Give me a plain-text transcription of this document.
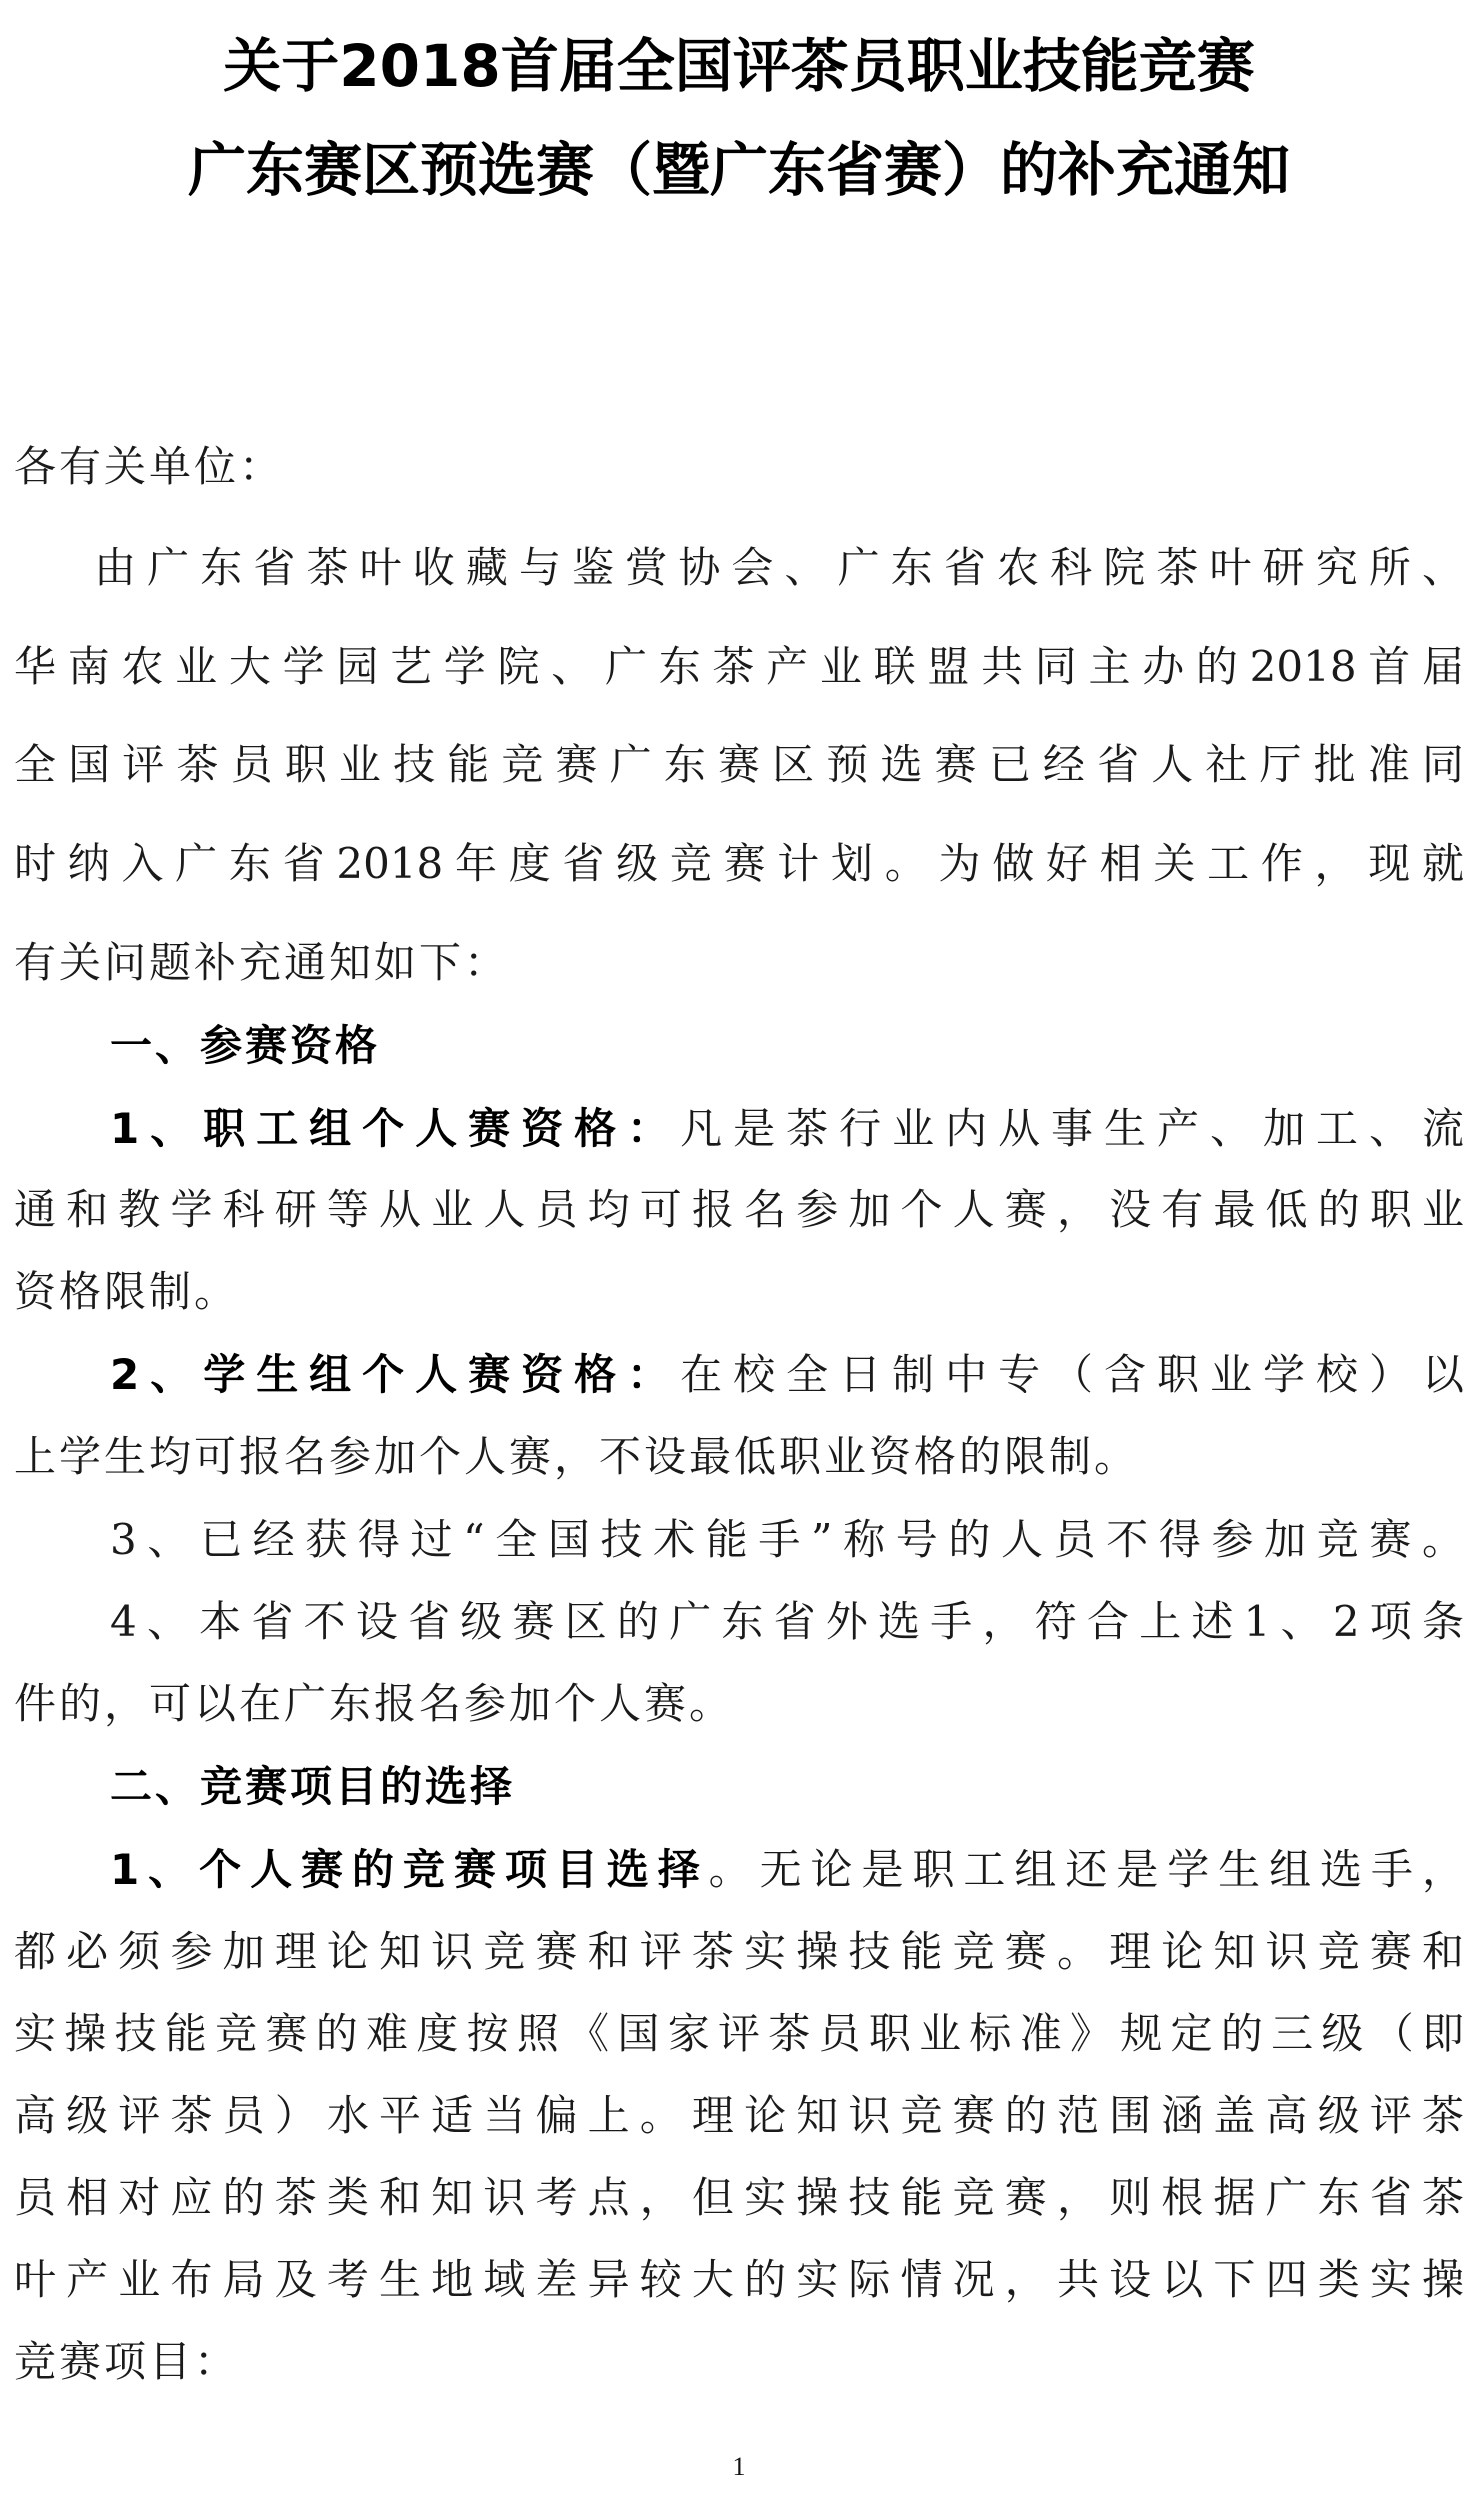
关于2018首届全国评茶员职业技能竞赛
广东赛区预选赛（暨广东省赛）的补充通知
各有关单位：
由广东省茶叶收藏与鉴赏协会、广东省农科院茶叶研究所、
华南农业大学园艺学院、广东茶产业联盟共同主办的2018首届
全国评茶员职业技能竞赛广东赛区预选赛已经省人社厅批准同
时纳入广东省2018年度省级竞赛计划。为做好相关工作，现就
有关问题补充通知如下：
一、参赛资格
1、职工组个人赛资格：凡是茶行业内从事生产、加工、流
通和教学科研等从业人员均可报名参加个人赛，没有最低的职业
资格限制。
2、学生组个人赛资格：在校全日制中专（含职业学校）以
上学生均可报名参加个人赛，不设最低职业资格的限制。
3、已经获得过“全国技术能手”称号的人员不得参加竞赛。
4、本省不设省级赛区的广东省外选手，符合上述1、2项条
件的，可以在广东报名参加个人赛。
二、竞赛项目的选择
1、个人赛的竞赛项目选择。无论是职工组还是学生组选手，
都必须参加理论知识竞赛和评茶实操技能竞赛。理论知识竞赛和
实操技能竞赛的难度按照《国家评茶员职业标准》规定的三级（即
高级评茶员）水平适当偏上。理论知识竞赛的范围涵盖高级评茶
员相对应的茶类和知识考点，但实操技能竞赛，则根据广东省茶
叶产业布局及考生地域差异较大的实际情况，共设以下四类实操
竞赛项目：
1
